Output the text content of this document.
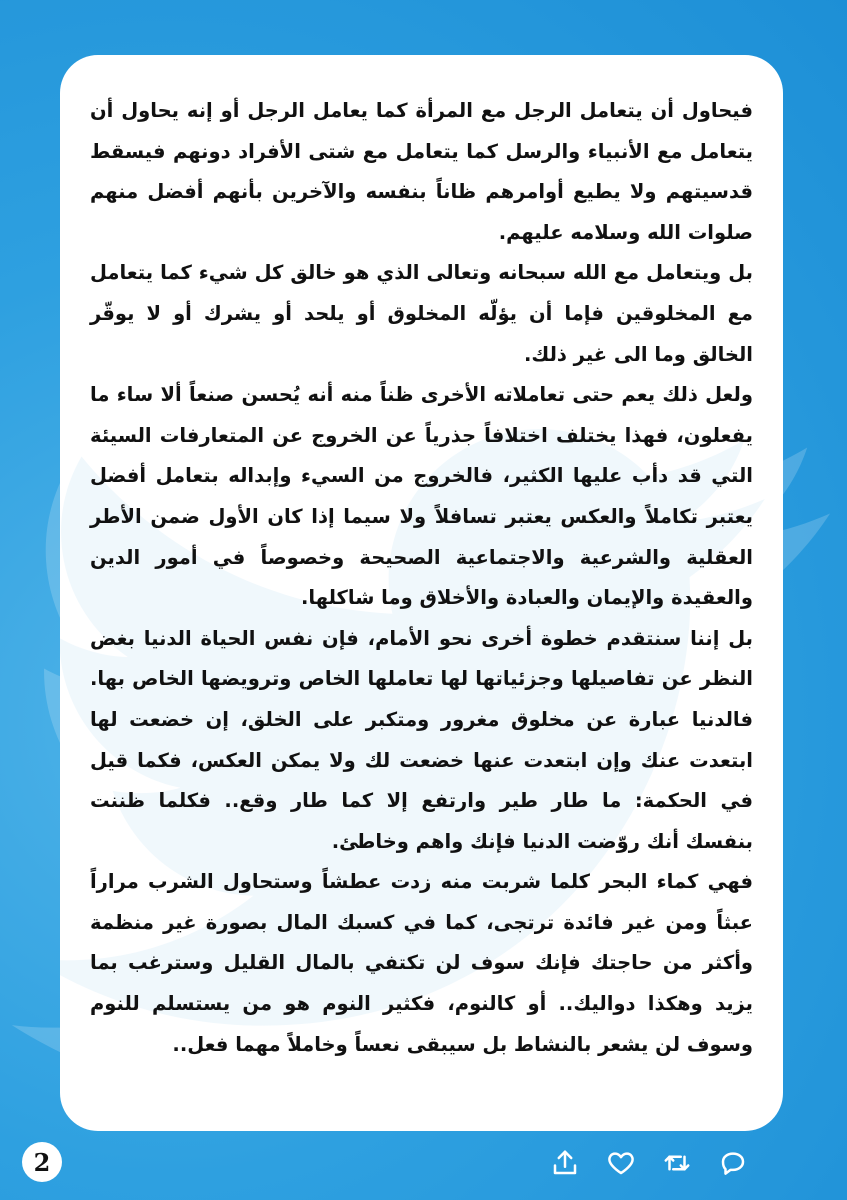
فيحاول أن يتعامل الرجل مع المرأة كما يعامل الرجل أو إنه يحاول أن يتعامل مع الأنبياء والرسل كما يتعامل مع شتى الأفراد دونهم فيسقط قدسيتهم ولا يطيع أوامرهم ظاناً بنفسه والآخرين بأنهم أفضل منهم صلوات الله وسلامه عليهم.

بل ويتعامل مع الله سبحانه وتعالى الذي هو خالق كل شيء كما يتعامل مع المخلوقين فإما أن يؤلّه المخلوق أو يلحد أو يشرك أو لا يوقّر الخالق وما الى غير ذلك.

ولعل ذلك يعم حتى تعاملاته الأخرى ظناً منه أنه يُحسن صنعاً ألا ساء ما يفعلون، فهذا يختلف اختلافاً جذرياً عن الخروج عن المتعارفات السيئة التي قد دأب عليها الكثير، فالخروج من السيء وإبداله بتعامل أفضل يعتبر تكاملاً والعكس يعتبر تسافلاً ولا سيما إذا كان الأول ضمن الأطر العقلية والشرعية والاجتماعية الصحيحة وخصوصاً في أمور الدين والعقيدة والإيمان والعبادة والأخلاق وما شاكلها.

بل إننا سنتقدم خطوة أخرى نحو الأمام، فإن نفس الحياة الدنيا بغض النظر عن تفاصيلها وجزئياتها لها تعاملها الخاص وترويضها الخاص بها. فالدنيا عبارة عن مخلوق مغرور ومتكبر على الخلق، إن خضعت لها ابتعدت عنك وإن ابتعدت عنها خضعت لك ولا يمكن العكس، فكما قيل في الحكمة: ما طار طير وارتفع إلا كما طار وقع.. فكلما ظننت بنفسك أنك روّضت الدنيا فإنك واهم وخاطئ.

فهي كماء البحر كلما شربت منه زدت عطشاً وستحاول الشرب مراراً عبثاً ومن غير فائدة ترتجى، كما في كسبك المال بصورة غير منظمة وأكثر من حاجتك فإنك سوف لن تكتفي بالمال القليل وسترغب بما يزيد وهكذا دواليك.. أو كالنوم، فكثير النوم هو من يستسلم للنوم وسوف لن يشعر بالنشاط بل سيبقى نعساً وخاملاً مهما فعل..

2
